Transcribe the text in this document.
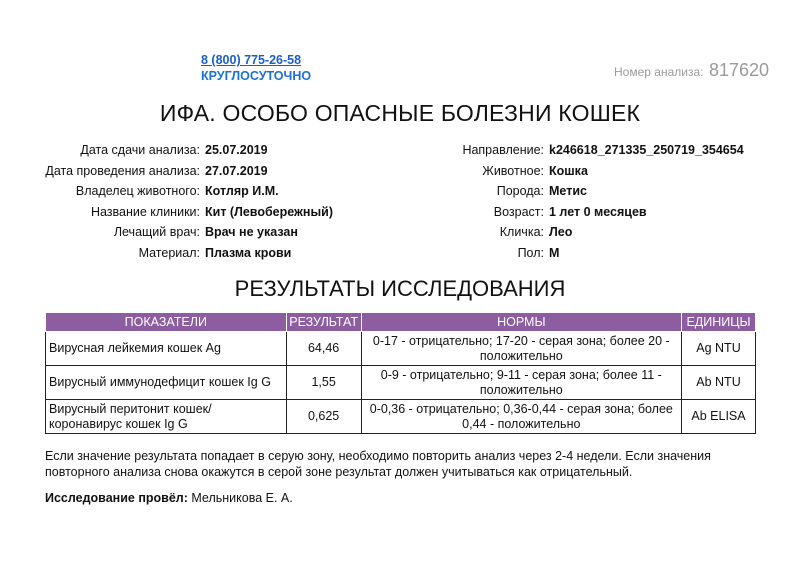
8 (800) 775-26-58
КРУГЛОСУТОЧНО	Номер анализа: 817620
ИФА. ОСОБО ОПАСНЫЕ БОЛЕЗНИ КОШЕК
Дата сдачи анализа: 25.07.2019
Дата проведения анализа: 27.07.2019
Владелец животного: Котляр И.М.
Название клиники: Кит (Левобережный)
Лечащий врач: Врач не указан
Материал: Плазма крови
Направление: k246618_271335_250719_354654
Животное: Кошка
Порода: Метис
Возраст: 1 лет 0 месяцев
Кличка: Лео
Пол: М
РЕЗУЛЬТАТЫ ИССЛЕДОВАНИЯ
ПОКАЗАТЕЛИ	РЕЗУЛЬТАТ	НОРМЫ	ЕДИНИЦЫ
Вирусная лейкемия кошек Ag	64,46	0-17 - отрицательно; 17-20 - серая зона; более 20 - положительно	Ag NTU
Вирусный иммунодефицит кошек Ig G	1,55	0-9 - отрицательно; 9-11 - серая зона; более 11 - положительно	Ab NTU
Вирусный перитонит кошек/ коронавирус кошек Ig G	0,625	0-0,36 - отрицательно; 0,36-0,44 - серая зона; более 0,44 - положительно	Ab ELISA
Если значение результата попадает в серую зону, необходимо повторить анализ через 2-4 недели. Если значения повторного анализа снова окажутся в серой зоне результат должен учитываться как отрицательный.
Исследование провёл: Мельникова Е. А.
